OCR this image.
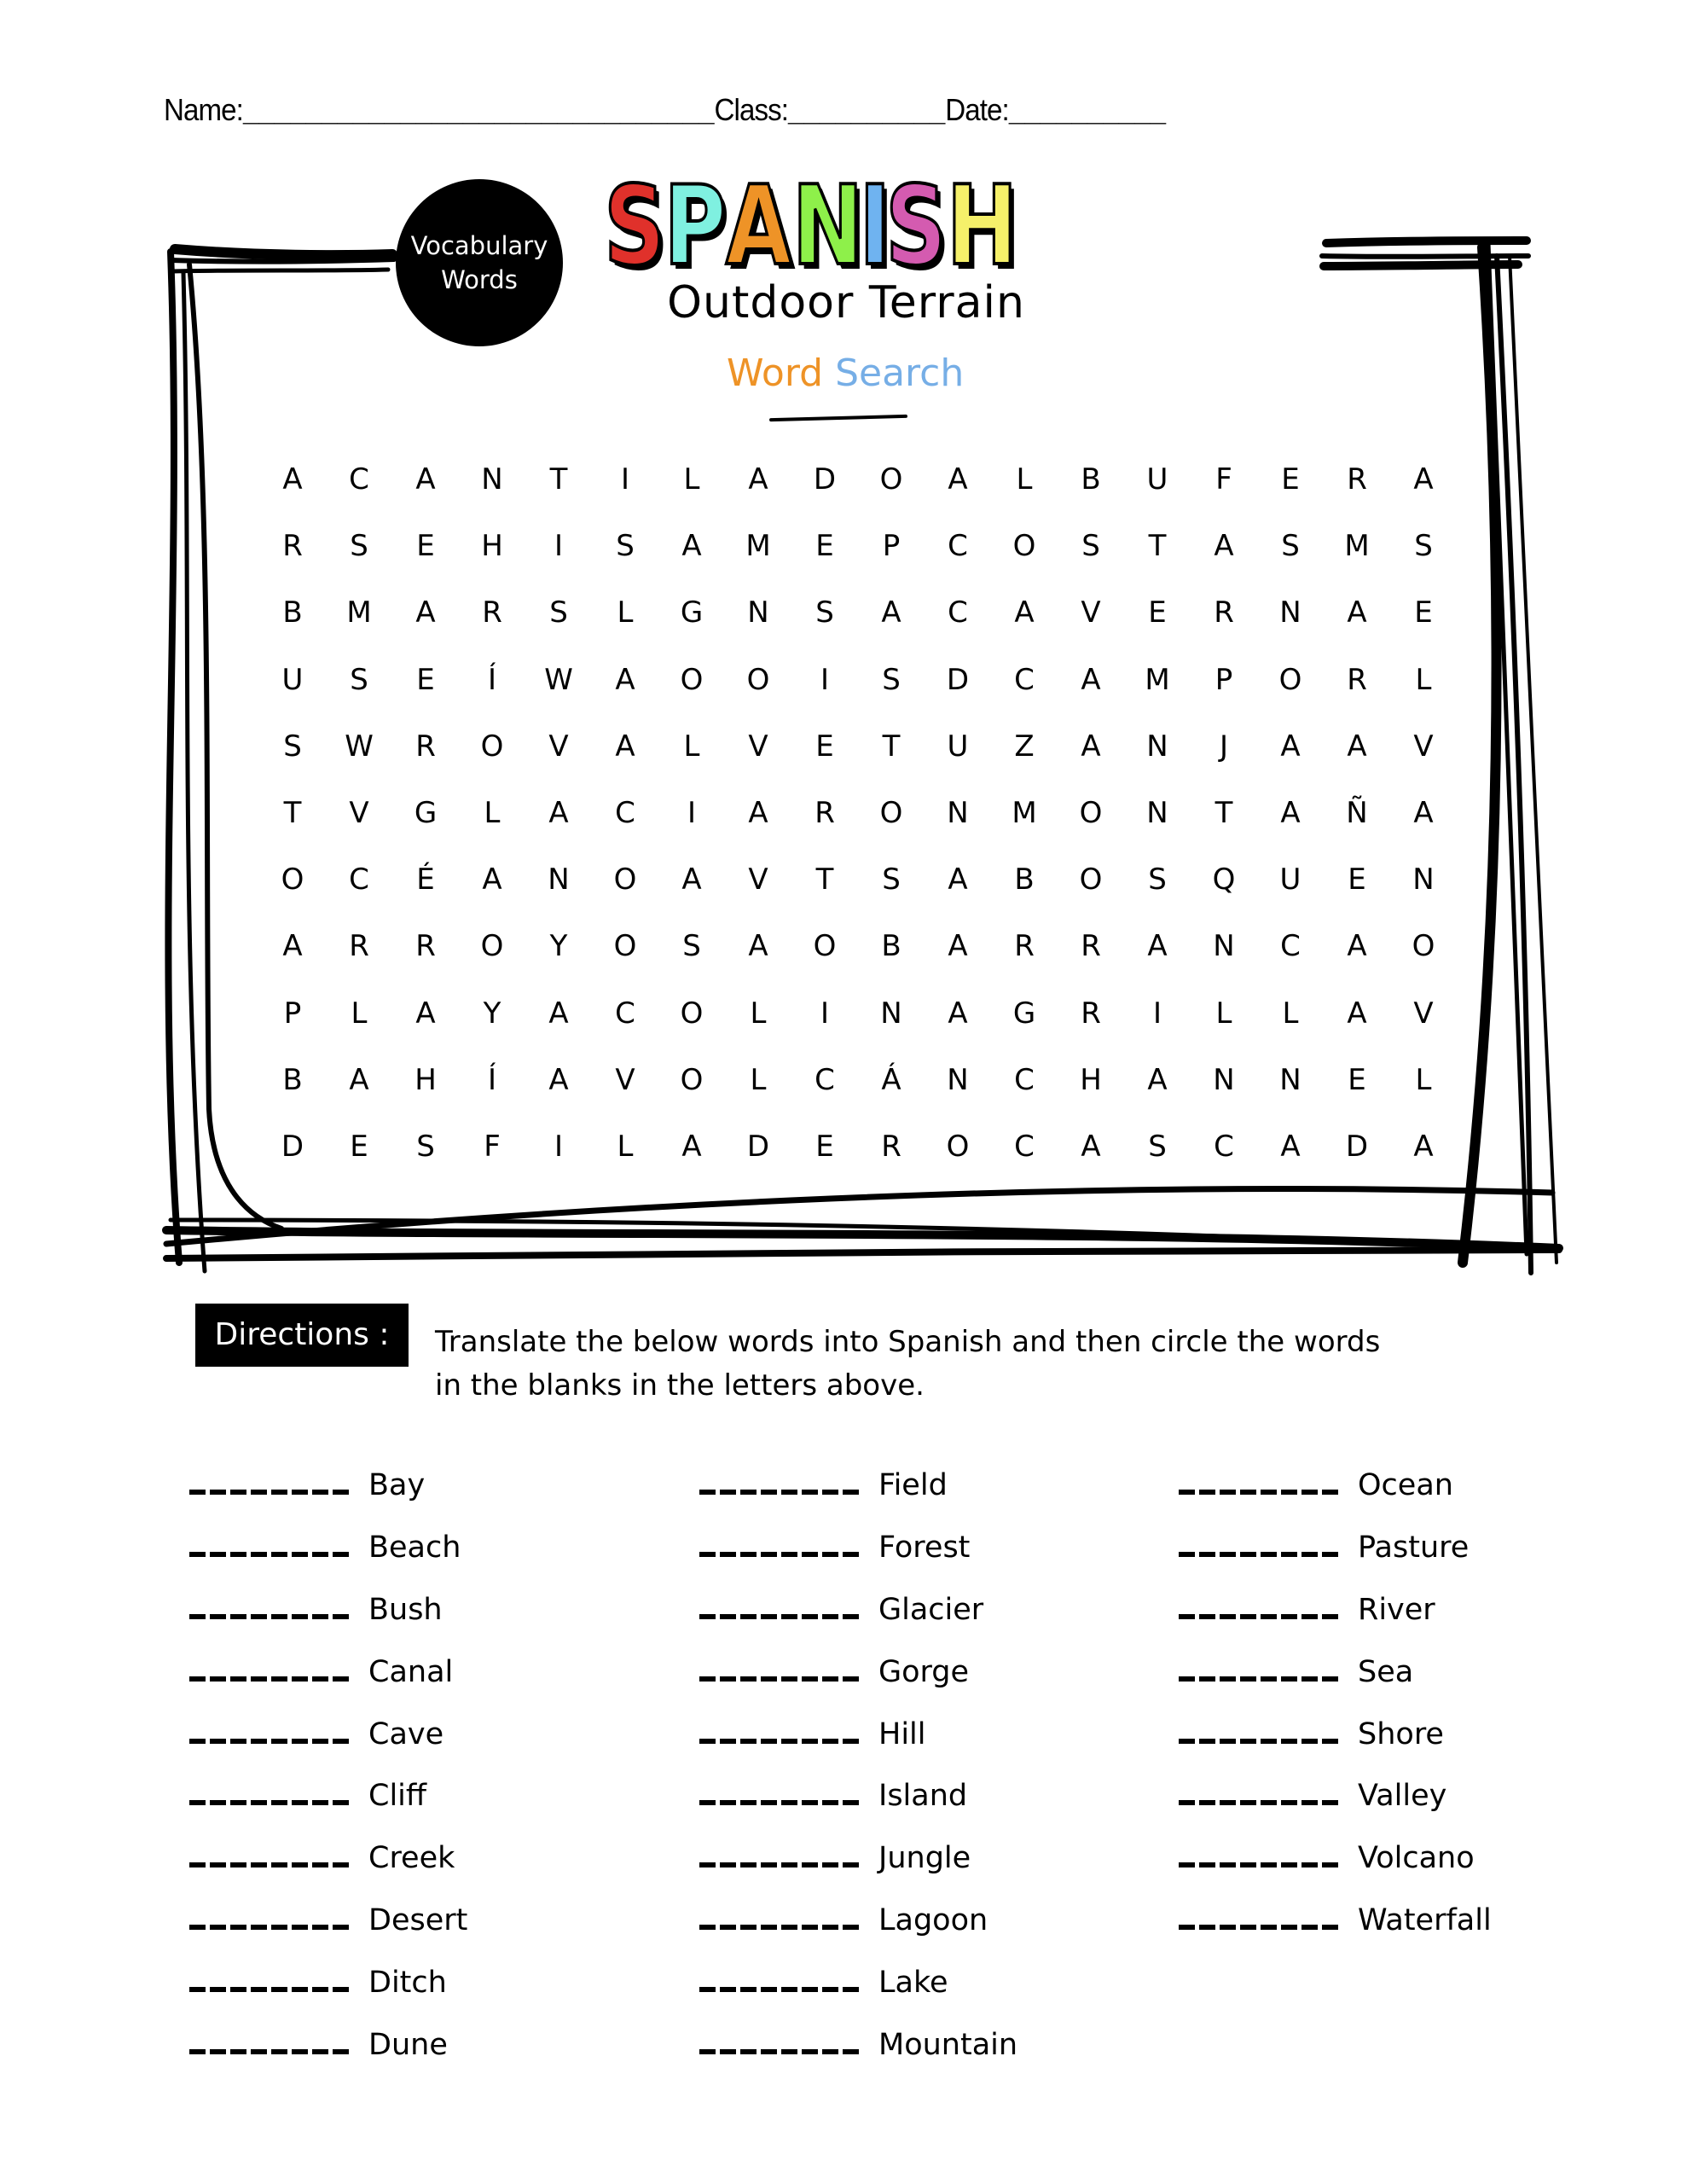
Name:______________________________Class:__________Date:__________
Vocabulary
Words S
P A N
I
S H
Outdoor Terrain
Word Search
A	C	A	N	T	I	L	A	D	O	A	L	B	U	F	E	R	A
R	S	E	H	I	S	A	M	E	P	C	O	S	T	A	S	M	S
B	M	A	R	S	L	G	N	S	A	C	A	V	E	R	N	A	E
U	S	E	Í	W	A	O	O	I	S	D	C	A	M	P	O	R	L
S	W	R	O	V	A	L	V	E	T	U	Z	A	N	J	A	A	V
T	V	G	L	A	C	I	A	R	O	N	M	O	N	T	A	Ñ	A
O	C	É	A	N	O	A	V	T	S	A	B	O	S	Q	U	E	N
A	R	R	O	Y	O	S	A	O	B	A	R	R	A	N	C	A	O
P	L	A	Y	A	C	O	L	I	N	A	G	R	I	L	L	A	V
B	A	H	Í	A	V	O	L	C	Á	N	C	H	A	N	N	E	L
D	E	S	F	I	L	A	D	E	R	O	C	A	S	C	A	D	A
Directions :	Translate the below words into Spanish and then circle the words in the blanks in the letters above.
Bay
Beach
Bush
Canal
Cave
Cliff
Creek
Desert
Ditch
Dune
Field
Forest
Glacier
Gorge
Hill
Island
Jungle
Lagoon
Lake
Mountain
Ocean
Pasture
River
Sea
Shore
Valley
Volcano
Waterfall
